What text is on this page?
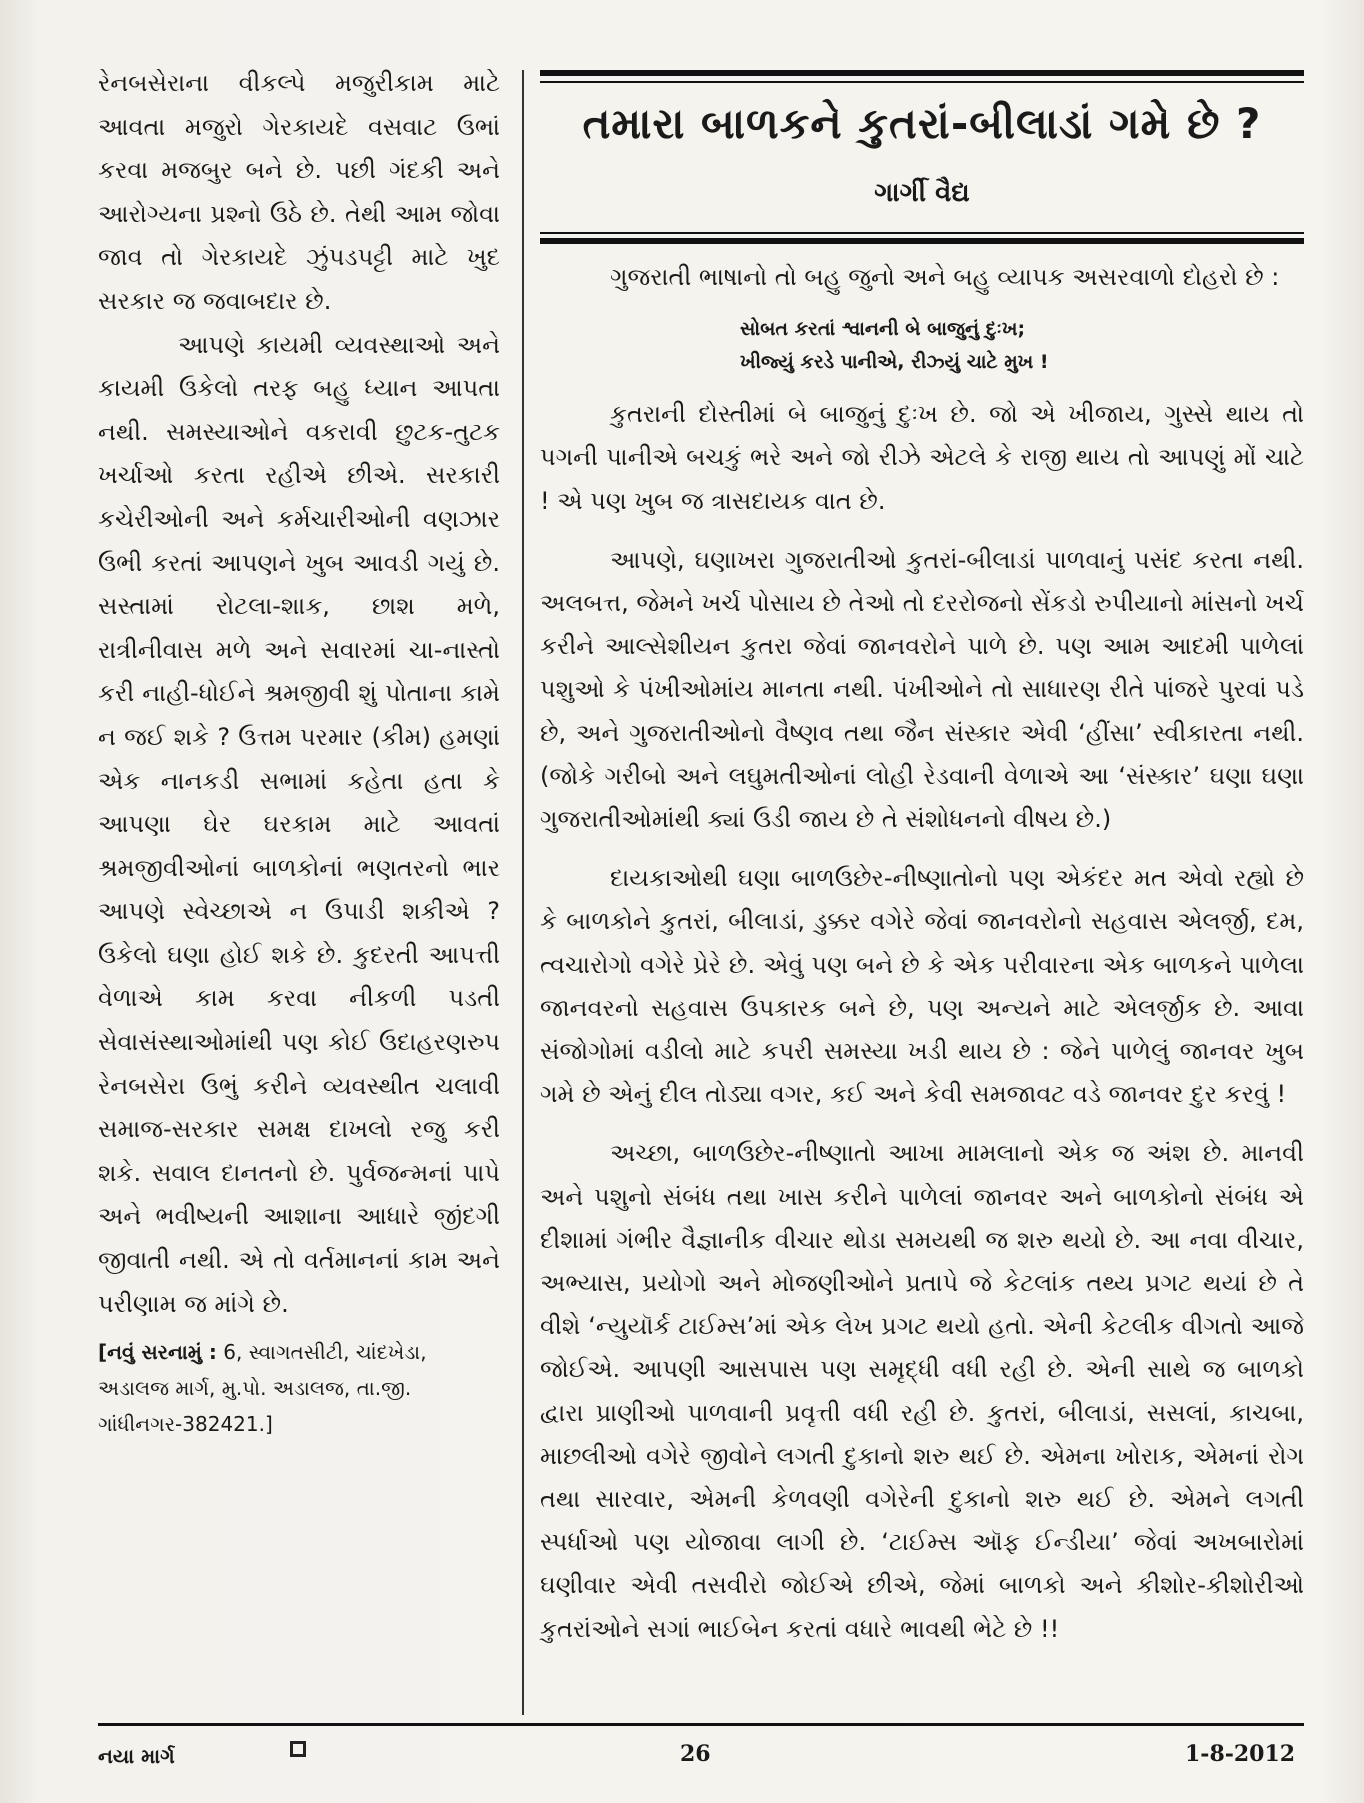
રેનબસેરાના વીકલ્પે મજુરીકામ માટે આવતા મજુરો ગેરકાયદે વસવાટ ઉભાં કરવા મજબુર બને છે. પછી ગંદકી અને આરોગ્યના પ્રશ્નો ઉઠે છે. તેથી આમ જોવા જાવ તો ગેરકાયદે ઝુંપડપટ્ટી માટે ખુદ સરકાર જ જવાબદાર છે.

આપણે કાયમી વ્યવસ્થાઓ અને કાયમી ઉકેલો તરફ બહુ ધ્યાન આપતા નથી. સમસ્યાઓને વકરાવી છુટક-તુટક ખર્ચાઓ કરતા રહીએ છીએ. સરકારી કચેરીઓની અને કર્મચારીઓની વણઝાર ઉભી કરતાં આપણને ખુબ આવડી ગયું છે. સસ્તામાં રોટલા-શાક, છાશ મળે, રાત્રીનીવાસ મળે અને સવારમાં ચા-નાસ્તો કરી નાહી-ધોઈને શ્રમજીવી શું પોતાના કામે ન જઈ શકે ? ઉત્તમ પરમાર (કીમ) હમણાં એક નાનકડી સભામાં કહેતા હતા કે આપણા ઘેર ઘરકામ માટે આવતાં શ્રમજીવીઓનાં બાળકોનાં ભણતરનો ભાર આપણે સ્વેચ્છાએ ન ઉપાડી શકીએ ? ઉકેલો ઘણા હોઈ શકે છે. કુદરતી આપત્તી વેળાએ કામ કરવા નીકળી પડતી સેવાસંસ્થાઓમાંથી પણ કોઈ ઉદાહરણરુપ રેનબસેરા ઉભું કરીને વ્યવસ્થીત ચલાવી સમાજ-સરકાર સમક્ષ દાખલો રજુ કરી શકે. સવાલ દાનતનો છે. પુર્વજન્મનાં પાપે અને ભવીષ્યની આશાના આધારે જીંદગી જીવાતી નથી. એ તો વર્તમાનનાં કામ અને પરીણામ જ માંગે છે.

[નવું સરનામું : 6, સ્વાગતસીટી, ચાંદખેડા, અડાલજ માર્ગ, મુ.પો. અડાલજ, તા.જી. ગાંધીનગર-382421.]

તમારા બાળકને કુતરાં-બીલાડાં ગમે છે ?
ગાર્ગી વૈદ્ય

ગુજરાતી ભાષાનો તો બહુ જુનો અને બહુ વ્યાપક અસરવાળો દોહરો છે :

સોબત કરતાં શ્વાનની બે બાજુનું દુઃખ;
ખીજ્યું કરડે પાનીએ, રીઝ્યું ચાટે મુખ !

કુતરાની દોસ્તીમાં બે બાજુનું દુઃખ છે. જો એ ખીજાય, ગુસ્સે થાય તો પગની પાનીએ બચકું ભરે અને જો રીઝે એટલે કે રાજી થાય તો આપણું મોં ચાટે ! એ પણ ખુબ જ ત્રાસદાયક વાત છે.

આપણે, ઘણાખરા ગુજરાતીઓ કુતરાં-બીલાડાં પાળવાનું પસંદ કરતા નથી. અલબત્ત, જેમને ખર્ચ પોસાય છે તેઓ તો દરરોજનો સેંકડો રુપીયાનો માંસનો ખર્ચ કરીને આલ્સેશીયન કુતરા જેવાં જાનવરોને પાળે છે. પણ આમ આદમી પાળેલાં પશુઓ કે પંખીઓમાંય માનતા નથી. પંખીઓને તો સાધારણ રીતે પાંજરે પુરવાં પડે છે, અને ગુજરાતીઓનો વૈષ્ણવ તથા જૈન સંસ્કાર એવી ‘હીંસા’ સ્વીકારતા નથી. (જોકે ગરીબો અને લઘુમતીઓનાં લોહી રેડવાની વેળાએ આ ‘સંસ્કાર’ ઘણા ઘણા ગુજરાતીઓમાંથી ક્યાં ઉડી જાય છે તે સંશોધનનો વીષય છે.)

દાયકાઓથી ઘણા બાળઉછેર-નીષ્ણાતોનો પણ એકંદર મત એવો રહ્યો છે કે બાળકોને કુતરાં, બીલાડાં, ડુક્કર વગેરે જેવાં જાનવરોનો સહવાસ એલર્જી, દમ, ત્વચારોગો વગેરે પ્રેરે છે. એવું પણ બને છે કે એક પરીવારના એક બાળકને પાળેલા જાનવરનો સહવાસ ઉપકારક બને છે, પણ અન્યને માટે એલર્જીક છે. આવા સંજોગોમાં વડીલો માટે કપરી સમસ્યા ખડી થાય છે : જેને પાળેલું જાનવર ખુબ ગમે છે એનું દીલ તોડ્યા વગર, કઈ અને કેવી સમજાવટ વડે જાનવર દુર કરવું !

અચ્છા, બાળઉછેર-નીષ્ણાતો આખા મામલાનો એક જ અંશ છે. માનવી અને પશુનો સંબંધ તથા ખાસ કરીને પાળેલાં જાનવર અને બાળકોનો સંબંધ એ દીશામાં ગંભીર વૈજ્ઞાનીક વીચાર થોડા સમયથી જ શરુ થયો છે. આ નવા વીચાર, અભ્યાસ, પ્રયોગો અને મોજણીઓને પ્રતાપે જે કેટલાંક તથ્ય પ્રગટ થયાં છે તે વીશે ‘ન્યુયૉર્ક ટાઈમ્સ’માં એક લેખ પ્રગટ થયો હતો. એની કેટલીક વીગતો આજે જોઈએ. આપણી આસપાસ પણ સમૃદ્ધી વધી રહી છે. એની સાથે જ બાળકો દ્વારા પ્રાણીઓ પાળવાની પ્રવૃત્તી વધી રહી છે. કુતરાં, બીલાડાં, સસલાં, કાચબા, માછલીઓ વગેરે જીવોને લગતી દુકાનો શરુ થઈ છે. એમના ખોરાક, એમનાં રોગ તથા સારવાર, એમની કેળવણી વગેરેની દુકાનો શરુ થઈ છે. એમને લગતી સ્પર્ધાઓ પણ યોજાવા લાગી છે. ‘ટાઈમ્સ ઑફ ઈન્ડીયા’ જેવાં અખબારોમાં ઘણીવાર એવી તસવીરો જોઈએ છીએ, જેમાં બાળકો અને કીશોર-કીશોરીઓ કુતરાંઓને સગાં ભાઈબેન કરતાં વધારે ભાવથી ભેટે છે !!

નયા માર્ગ	26	1-8-2012
